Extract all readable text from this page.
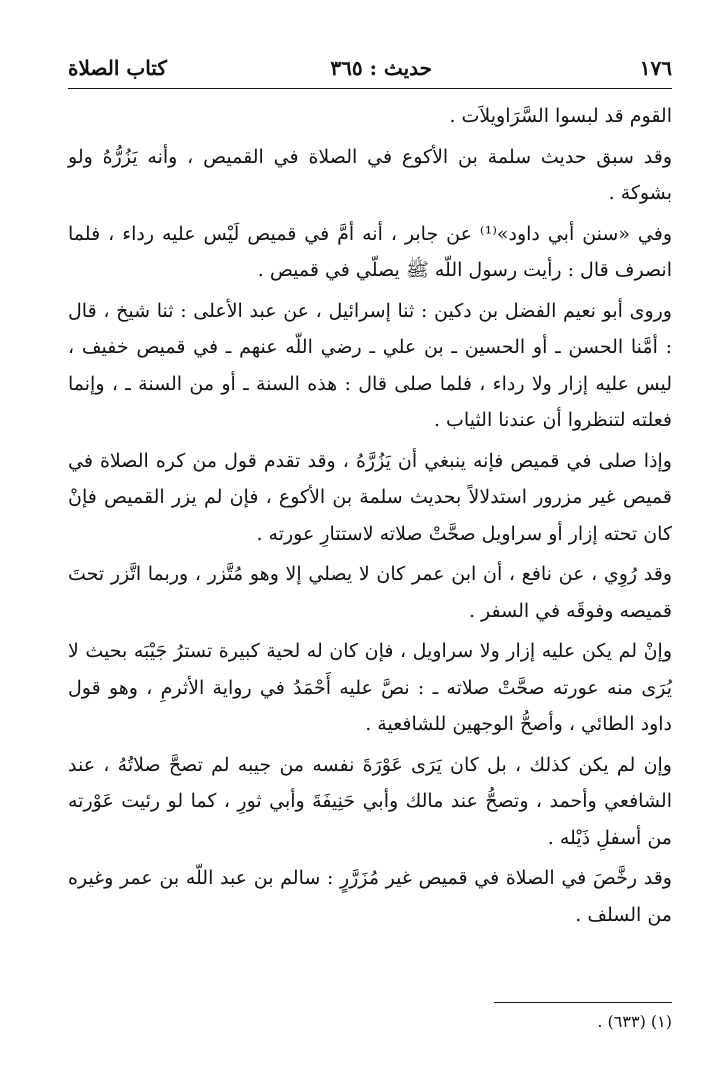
١٧٦
حديث : ٣٦٥
كتاب الصلاة

القوم قد لبسوا السَّرَاويلاَت .

وقد سبق حديث سلمة بن الأكوع في الصلاة في القميص ، وأنه يَزُرُّهُ ولو بشوكة .

وفي «سنن أبي داود»⁽¹⁾ عن جابر ، أنه أمَّ في قميص لَيْس عليه رداء ، فلما انصرف قال : رأيت رسول اللّه ﷺ يصلّي في قميص .

وروى أبو نعيم الفضل بن دكين : ثنا إسرائيل ، عن عبد الأعلى : ثنا شيخ ، قال : أمَّنا الحسن ـ أو الحسين ـ بن علي ـ رضي اللّه عنهم ـ في قميص خفيف ، ليس عليه إزار ولا رداء ، فلما صلى قال : هذه السنة ـ أو من السنة ـ ، وإنما فعلته لتنظروا أن عندنا الثياب .

وإذا صلى في قميص فإنه ينبغي أن يَزُرَّهُ ، وقد تقدم قول من كره الصلاة في قميص غير مزرور استدلالاً بحديث سلمة بن الأكوع ، فإن لم يزر القميص فإنْ كان تحته إزار أو سراويل صحَّتْ صلاته لاستتارِ عورته .

وقد رُوِي ، عن نافع ، أن ابن عمر كان لا يصلي إلا وهو مُتَّزر ، وربما اتَّزر تحتَ قميصه وفوقَه في السفر .

وإنْ لم يكن عليه إزار ولا سراويل ، فإن كان له لحية كبيرة تسترُ جَيْبَه بحيث لا يُرَى منه عورته صحَّتْ صلاته ـ : نصَّ عليه أَحْمَدُ في رواية الأثرمِ ، وهو قول داود الطائي ، وأصحُّ الوجهين للشافعية .

وإن لم يكن كذلك ، بل كان يَرَى عَوْرَةَ نفسه من جيبه لم تصحَّ صلاتُهُ ، عند الشافعي وأحمد ، وتصحُّ عند مالك وأبي حَنِيفَةَ وأبي ثورِ ، كما لو رئيت عَوْرته من أسفلِ ذَيْله .

وقد رخَّصَ في الصلاة في قميص غير مُزَرَّرٍ : سالم بن عبد اللّه بن عمر وغيره من السلف .

(١) (٦٣٣) .
